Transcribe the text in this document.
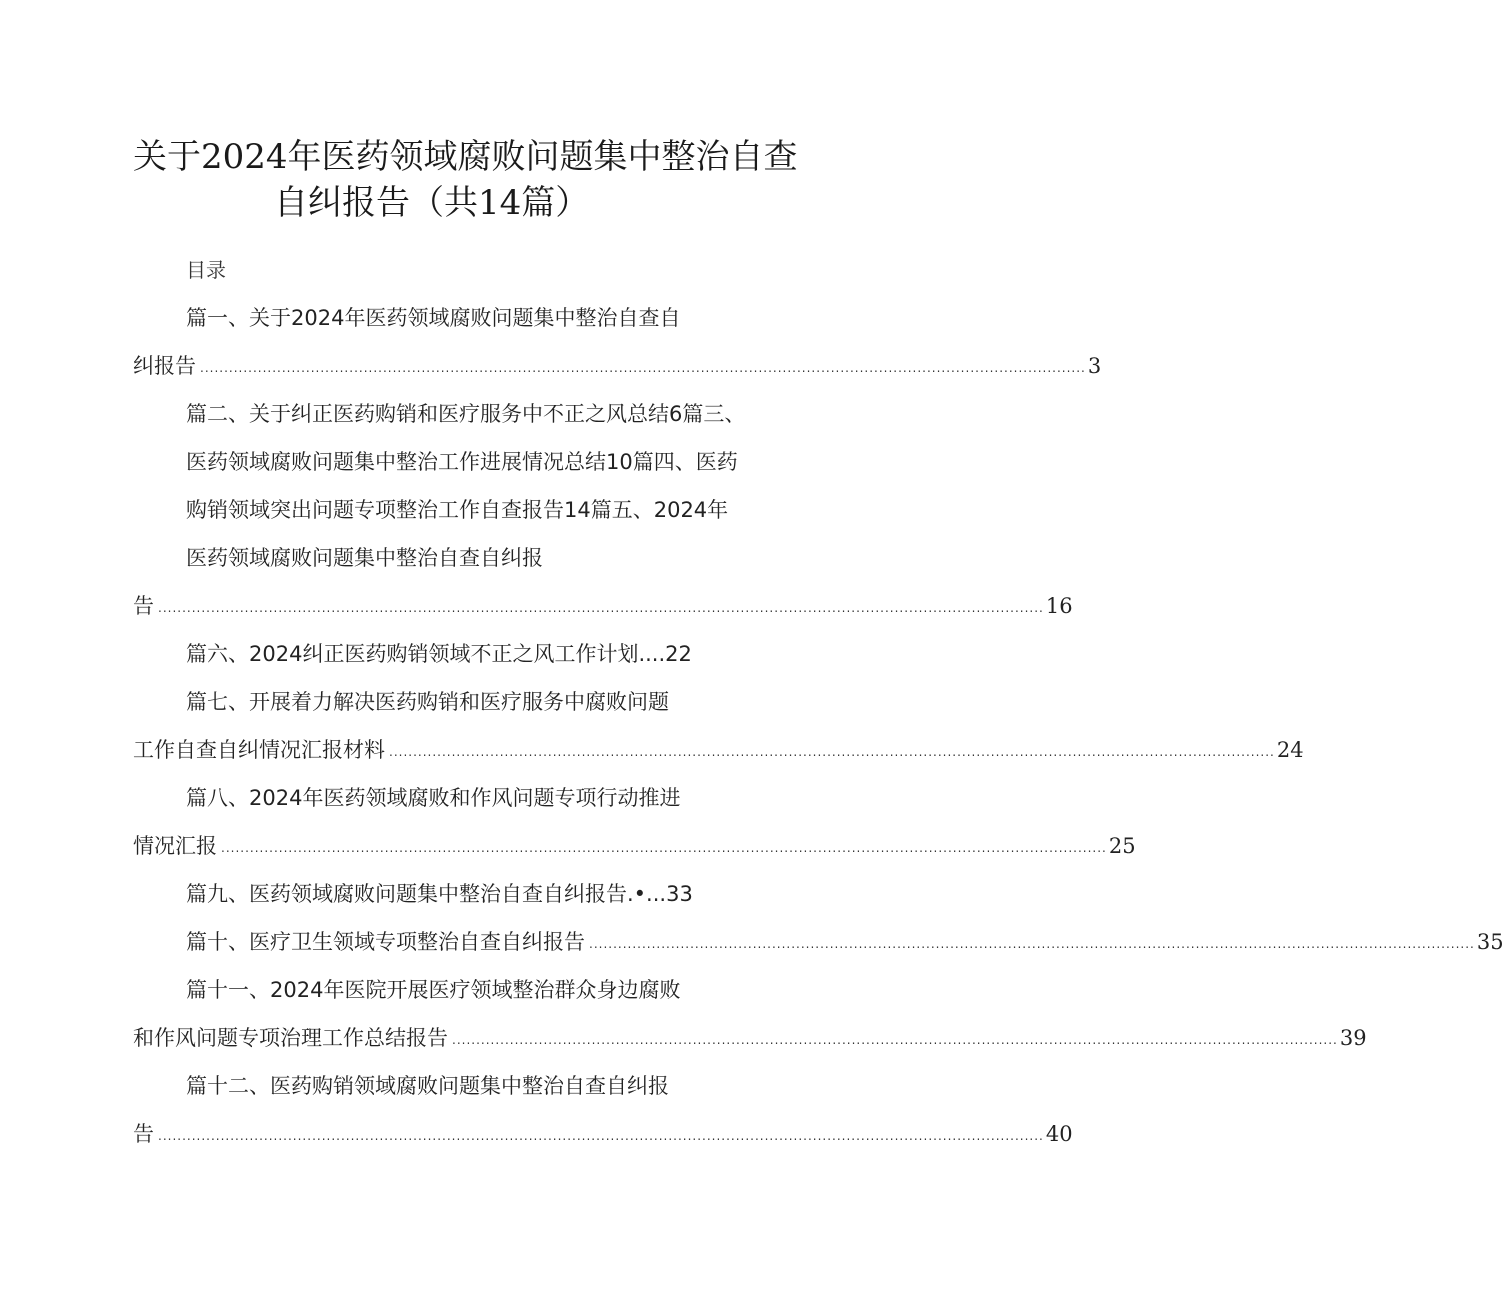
关于2024年医药领域腐败问题集中整治自查
自纠报告（共14篇）
目录
篇一、关于2024年医药领域腐败问题集中整治自查自
纠报告 ........................................................................................................................................................................................ 3
篇二、关于纠正医药购销和医疗服务中不正之风总结6篇三、
医药领域腐败问题集中整治工作进展情况总结10篇四、医药
购销领域突出问题专项整治工作自查报告14篇五、2024年
医药领域腐败问题集中整治自查自纠报
告 ........................................................................................................................................................................................ 16
篇六、2024纠正医药购销领域不正之风工作计划....22
篇七、开展着力解决医药购销和医疗服务中腐败问题
工作自查自纠情况汇报材料 ........................................................................................................................................................................................ 24
篇八、2024年医药领域腐败和作风问题专项行动推进
情况汇报 ........................................................................................................................................................................................ 25
篇九、医药领域腐败问题集中整治自查自纠报告.•...33
篇十、医疗卫生领域专项整治自查自纠报告 ........................................................................................................................................................................................ 35
篇十一、2024年医院开展医疗领域整治群众身边腐败
和作风问题专项治理工作总结报告 ........................................................................................................................................................................................ 39
篇十二、医药购销领域腐败问题集中整治自查自纠报
告 ........................................................................................................................................................................................ 40
